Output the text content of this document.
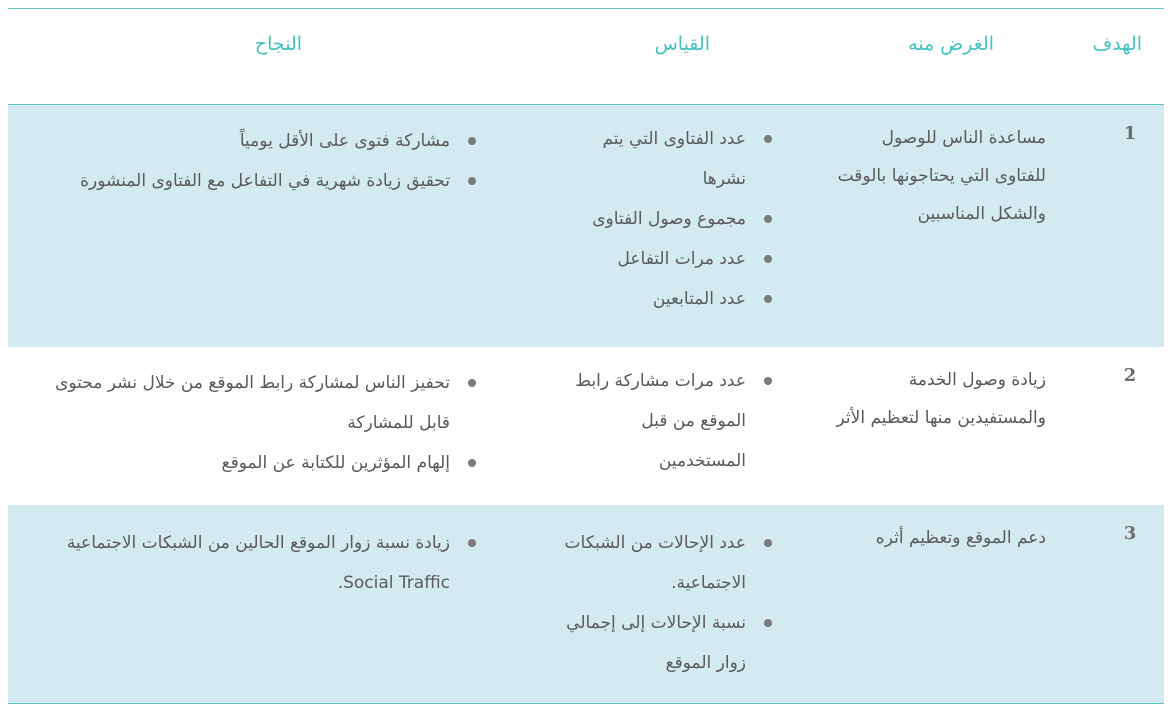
الهدف
الغرض منه
القياس
النجاح
1
مساعدة الناس للوصول للفتاوى التي يحتاجونها بالوقت والشكل المناسبين
عدد الفتاوى التي يتم نشرها
مجموع وصول الفتاوى
عدد مرات التفاعل
عدد المتابعين
مشاركة فتوى على الأقل يومياً
تحقيق زيادة شهرية في التفاعل مع الفتاوى المنشورة
2
زيادة وصول الخدمة والمستفيدين منها لتعظيم الأثر
عدد مرات مشاركة رابط الموقع من قبل المستخدمين
تحفيز الناس لمشاركة رابط الموقع من خلال نشر محتوى قابل للمشاركة
إلهام المؤثرين للكتابة عن الموقع
3
دعم الموقع وتعظيم أثره
عدد الإحالات من الشبكات الاجتماعية.
نسبة الإحالات إلى إجمالي زوار الموقع
زيادة نسبة زوار الموقع الحالين من الشبكات الاجتماعية Social Traffic.
